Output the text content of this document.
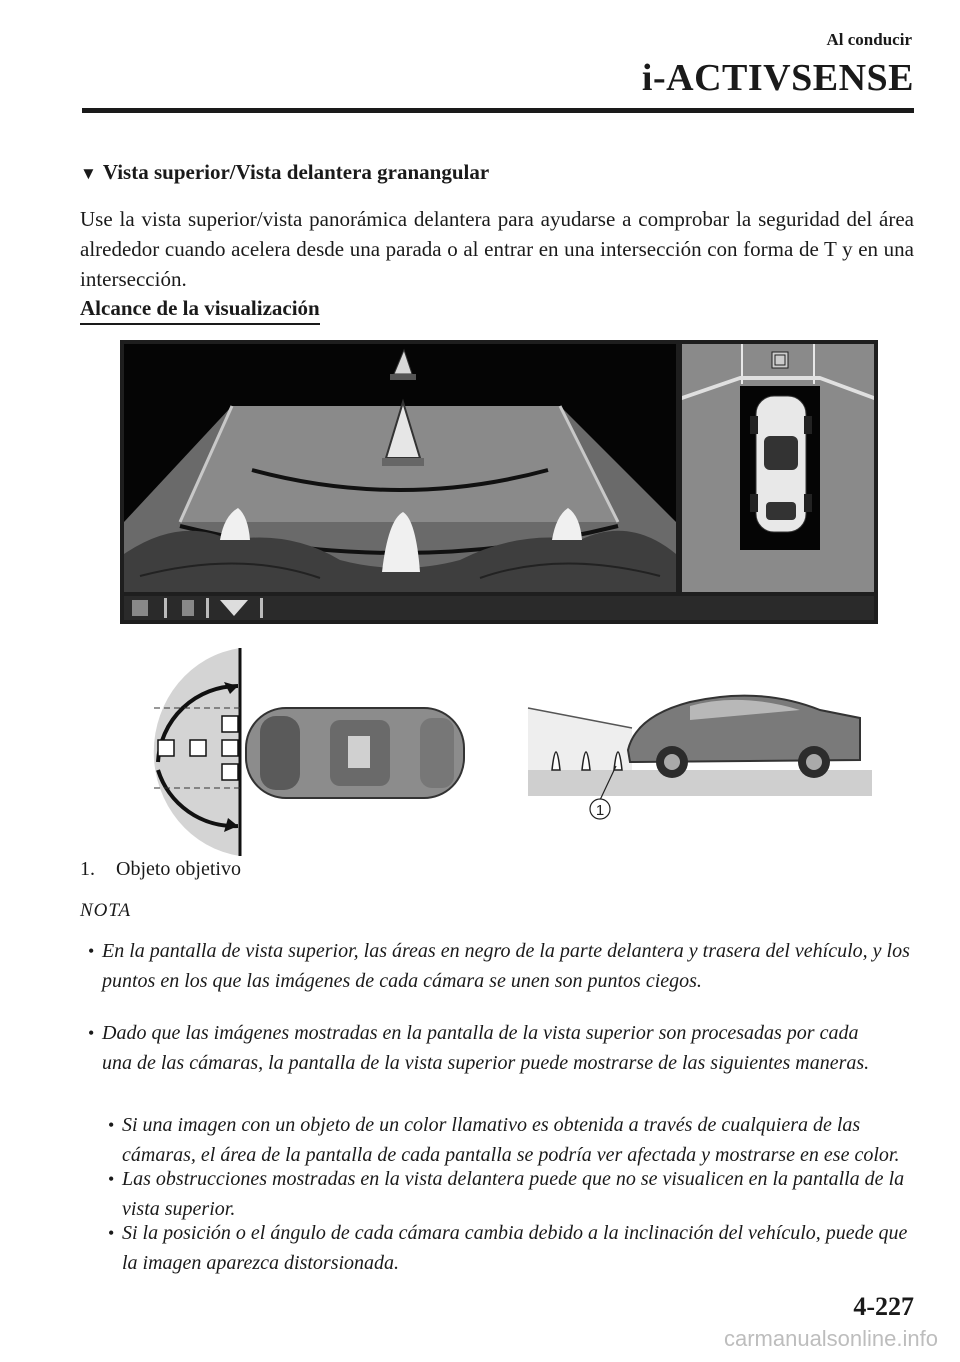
Al conducir
i-ACTIVSENSE
▼ Vista superior/Vista delantera granangular
Use la vista superior/vista panorámica delantera para ayudarse a comprobar la seguridad del área alrededor cuando acelera desde una parada o al entrar en una intersección con forma de T y en una intersección.
Alcance de la visualización
1
1. Objeto objetivo
NOTA
• En la pantalla de vista superior, las áreas en negro de la parte delantera y trasera del vehículo, y los puntos en los que las imágenes de cada cámara se unen son puntos ciegos.
• Dado que las imágenes mostradas en la pantalla de la vista superior son procesadas por cada una de las cámaras, la pantalla de la vista superior puede mostrarse de las siguientes maneras.
• Si una imagen con un objeto de un color llamativo es obtenida a través de cualquiera de las cámaras, el área de la pantalla de cada pantalla se podría ver afectada y mostrarse en ese color.
• Las obstrucciones mostradas en la vista delantera puede que no se visualicen en la pantalla de la vista superior.
• Si la posición o el ángulo de cada cámara cambia debido a la inclinación del vehículo, puede que la imagen aparezca distorsionada.
4-227
carmanualsonline.info
